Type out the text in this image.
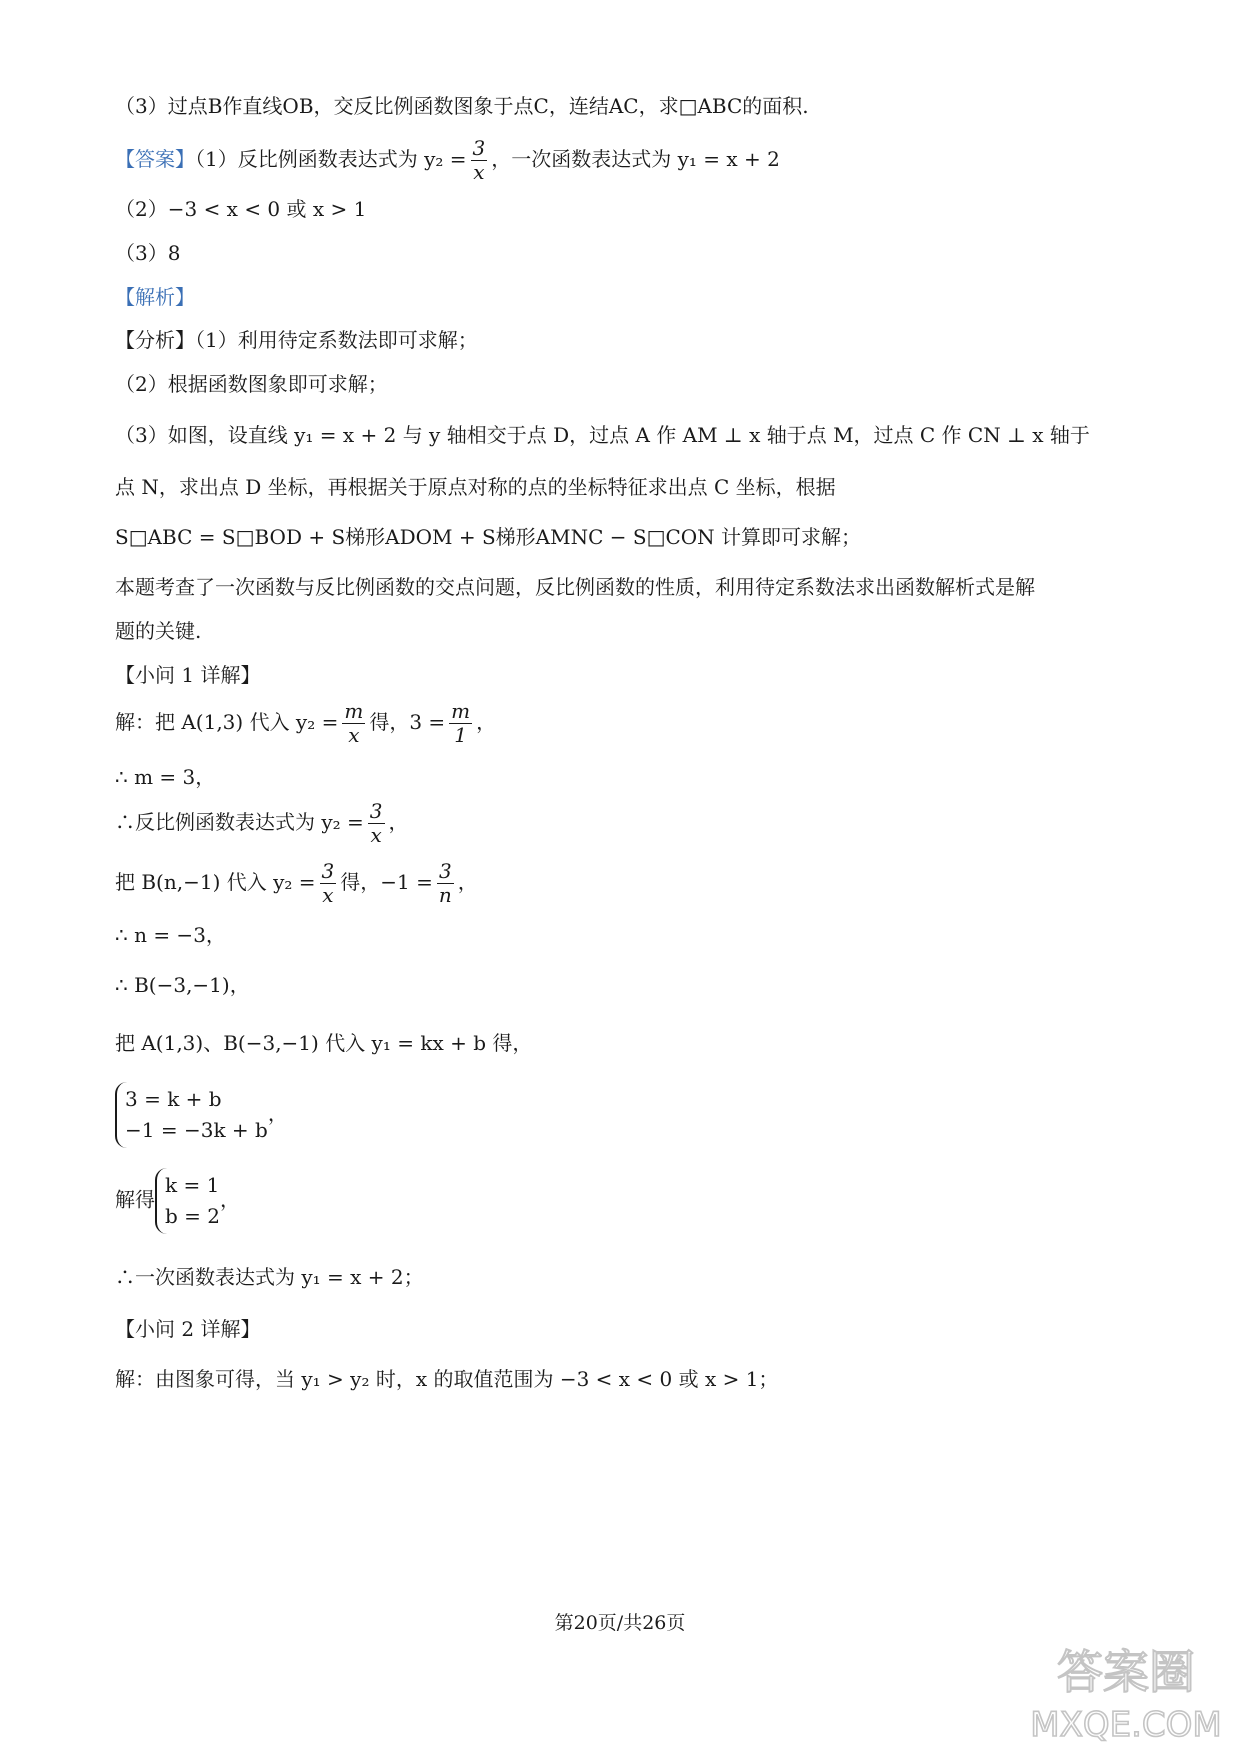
（3）过点B作直线OB，交反比例函数图象于点C，连结AC，求□ABC的面积.
【答案】（1）反比例函数表达式为 $y_2 = \frac{3}{x}$ ，一次函数表达式为 y₁ = x + 2
（2）−3 < x < 0 或 x > 1
（3）8
【解析】
【分析】（1）利用待定系数法即可求解；
（2）根据函数图象即可求解；
（3）如图，设直线 y₁ = x + 2 与 y 轴相交于点 D，过点 A 作 AM ⊥ x 轴于点 M，过点 C 作 CN ⊥ x 轴于
点 N，求出点 D 坐标，再根据关于原点对称的点的坐标特征求出点 C 坐标，根据
S□ABC = S□BOD + S梯形ADOM + S梯形AMNC − S□CON 计算即可求解；
本题考查了一次函数与反比例函数的交点问题，反比例函数的性质，利用待定系数法求出函数解析式是解
题的关键.
【小问 1 详解】
解：把 A(1,3) 代入 $y_2 = \frac{m}{x}$ 得，$3 = \frac{m}{1}$ ，
∴ m = 3，
∴反比例函数表达式为 $y_2 = \frac{3}{x}$ ，
把 B(n,−1) 代入 $y_2 = \frac{3}{x}$ 得，$-1 = \frac{3}{n}$ ，
∴ n = −3，
∴ B(−3,−1)，
把 A(1,3)、B(−3,−1) 代入 y₁ = kx + b 得，
3 = k + b
−1 = −3k + b
，
解得
k = 1
b = 2
，
∴一次函数表达式为 y₁ = x + 2；
【小问 2 详解】
解：由图象可得，当 y₁ > y₂ 时，x 的取值范围为 −3 < x < 0 或 x > 1；
第20页/共26页
答案圈
MXQE.COM
